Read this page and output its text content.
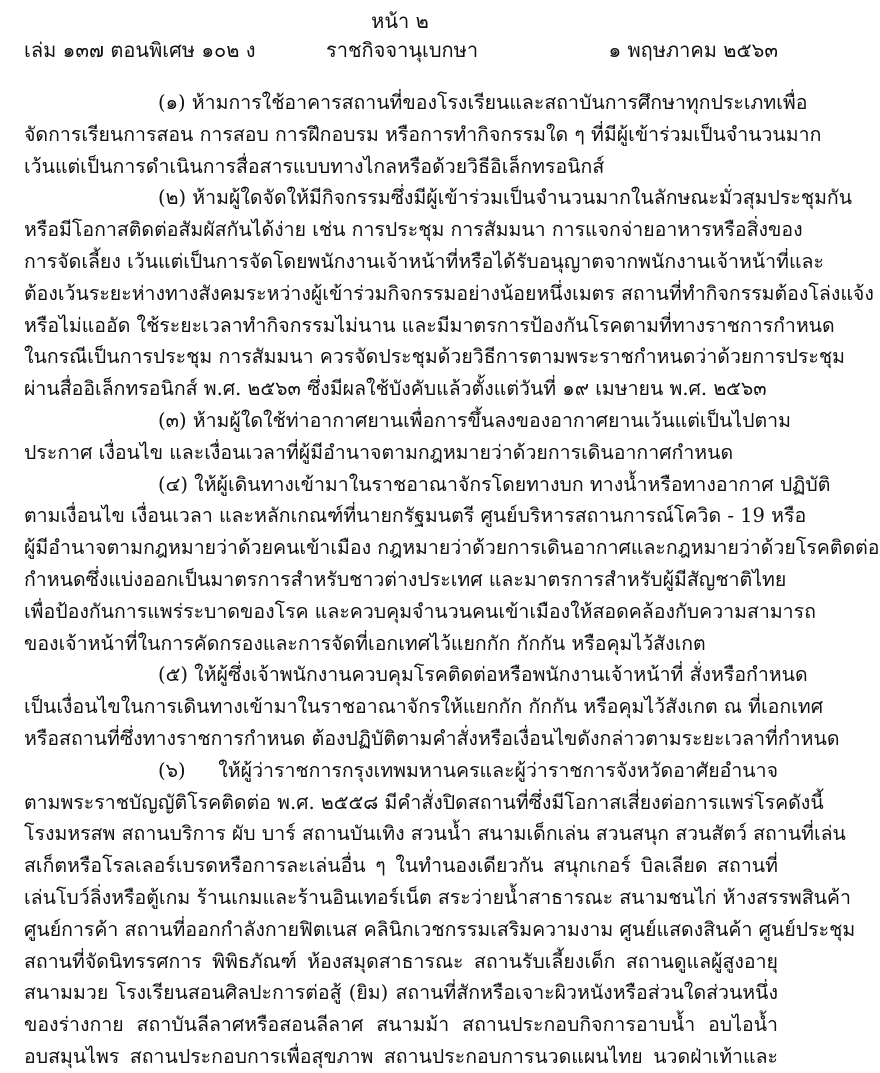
หน้า ๒
เล่ม ๑๓๗ ตอนพิเศษ ๑๐๒ ง	ราชกิจจานุเบกษา	๑ พฤษภาคม ๒๕๖๓
(๑) ห้ามการใช้อาคารสถานที่ของโรงเรียนและสถาบันการศึกษาทุกประเภทเพื่อ
จัดการเรียนการสอน การสอบ การฝึกอบรม หรือการทำกิจกรรมใด ๆ ที่มีผู้เข้าร่วมเป็นจำนวนมาก
เว้นแต่เป็นการดำเนินการสื่อสารแบบทางไกลหรือด้วยวิธีอิเล็กทรอนิกส์
(๒) ห้ามผู้ใดจัดให้มีกิจกรรมซึ่งมีผู้เข้าร่วมเป็นจำนวนมากในลักษณะมั่วสุมประชุมกัน
หรือมีโอกาสติดต่อสัมผัสกันได้ง่าย เช่น การประชุม การสัมมนา การแจกจ่ายอาหารหรือสิ่งของ
การจัดเลี้ยง เว้นแต่เป็นการจัดโดยพนักงานเจ้าหน้าที่หรือได้รับอนุญาตจากพนักงานเจ้าหน้าที่และ
ต้องเว้นระยะห่างทางสังคมระหว่างผู้เข้าร่วมกิจกรรมอย่างน้อยหนึ่งเมตร สถานที่ทำกิจกรรมต้องโล่งแจ้ง
หรือไม่แออัด ใช้ระยะเวลาทำกิจกรรมไม่นาน และมีมาตรการป้องกันโรคตามที่ทางราชการกำหนด
ในกรณีเป็นการประชุม การสัมมนา ควรจัดประชุมด้วยวิธีการตามพระราชกำหนดว่าด้วยการประชุม
ผ่านสื่ออิเล็กทรอนิกส์ พ.ศ. ๒๕๖๓ ซึ่งมีผลใช้บังคับแล้วตั้งแต่วันที่ ๑๙ เมษายน พ.ศ. ๒๕๖๓
(๓) ห้ามผู้ใดใช้ท่าอากาศยานเพื่อการขึ้นลงของอากาศยานเว้นแต่เป็นไปตาม
ประกาศ เงื่อนไข และเงื่อนเวลาที่ผู้มีอำนาจตามกฎหมายว่าด้วยการเดินอากาศกำหนด
(๔) ให้ผู้เดินทางเข้ามาในราชอาณาจักรโดยทางบก ทางน้ำหรือทางอากาศ ปฏิบัติ
ตามเงื่อนไข เงื่อนเวลา และหลักเกณฑ์ที่นายกรัฐมนตรี ศูนย์บริหารสถานการณ์โควิด - 19 หรือ
ผู้มีอำนาจตามกฎหมายว่าด้วยคนเข้าเมือง กฎหมายว่าด้วยการเดินอากาศและกฎหมายว่าด้วยโรคติดต่อ
กำหนดซึ่งแบ่งออกเป็นมาตรการสำหรับชาวต่างประเทศ และมาตรการสำหรับผู้มีสัญชาติไทย
เพื่อป้องกันการแพร่ระบาดของโรค และควบคุมจำนวนคนเข้าเมืองให้สอดคล้องกับความสามารถ
ของเจ้าหน้าที่ในการคัดกรองและการจัดที่เอกเทศไว้แยกกัก กักกัน หรือคุมไว้สังเกต
(๕) ให้ผู้ซึ่งเจ้าพนักงานควบคุมโรคติดต่อหรือพนักงานเจ้าหน้าที่ สั่งหรือกำหนด
เป็นเงื่อนไขในการเดินทางเข้ามาในราชอาณาจักรให้แยกกัก กักกัน หรือคุมไว้สังเกต ณ ที่เอกเทศ
หรือสถานที่ซึ่งทางราชการกำหนด ต้องปฏิบัติตามคำสั่งหรือเงื่อนไขดังกล่าวตามระยะเวลาที่กำหนด
(๖) ให้ผู้ว่าราชการกรุงเทพมหานครและผู้ว่าราชการจังหวัดอาศัยอำนาจ
ตามพระราชบัญญัติโรคติดต่อ พ.ศ. ๒๕๕๘ มีคำสั่งปิดสถานที่ซึ่งมีโอกาสเสี่ยงต่อการแพร่โรคดังนี้
โรงมหรสพ สถานบริการ ผับ บาร์ สถานบันเทิง สวนน้ำ สนามเด็กเล่น สวนสนุก สวนสัตว์ สถานที่เล่น
สเก็ตหรือโรลเลอร์เบรดหรือการละเล่นอื่น ๆ ในทำนองเดียวกัน สนุกเกอร์ บิลเลียด สถานที่
เล่นโบว์ลิ่งหรือตู้เกม ร้านเกมและร้านอินเทอร์เน็ต สระว่ายน้ำสาธารณะ สนามชนไก่ ห้างสรรพสินค้า
ศูนย์การค้า สถานที่ออกกำลังกายฟิตเนส คลินิกเวชกรรมเสริมความงาม ศูนย์แสดงสินค้า ศูนย์ประชุม
สถานที่จัดนิทรรศการ พิพิธภัณฑ์ ห้องสมุดสาธารณะ สถานรับเลี้ยงเด็ก สถานดูแลผู้สูงอายุ
สนามมวย โรงเรียนสอนศิลปะการต่อสู้ (ยิม) สถานที่สักหรือเจาะผิวหนังหรือส่วนใดส่วนหนึ่ง
ของร่างกาย สถาบันลีลาศหรือสอนลีลาศ สนามม้า สถานประกอบกิจการอาบน้ำ อบไอน้ำ
อบสมุนไพร สถานประกอบการเพื่อสุขภาพ สถานประกอบการนวดแผนไทย นวดฝ่าเท้าและ
